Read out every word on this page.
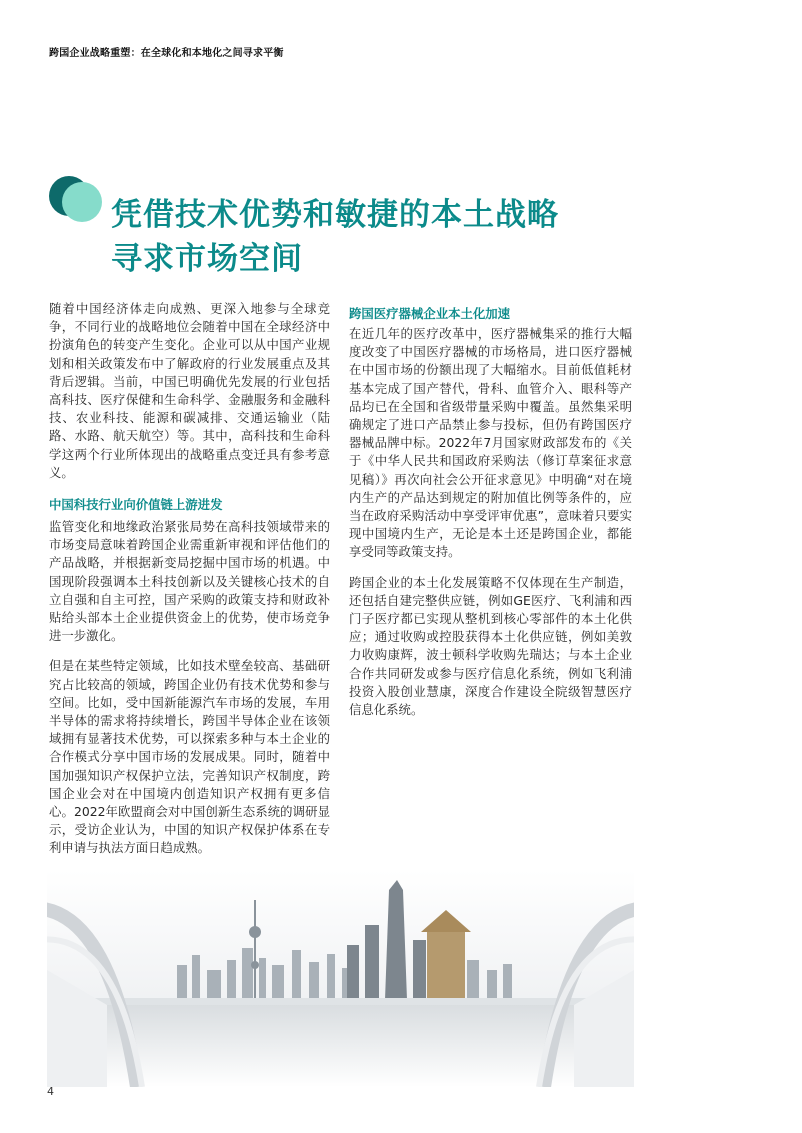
跨国企业战略重塑：在全球化和本地化之间寻求平衡
凭借技术优势和敏捷的本土战略
寻求市场空间

随着中国经济体走向成熟、更深入地参与全球竞争，不同行业的战略地位会随着中国在全球经济中扮演角色的转变产生变化。企业可以从中国产业规划和相关政策发布中了解政府的行业发展重点及其背后逻辑。当前，中国已明确优先发展的行业包括高科技、医疗保健和生命科学、金融服务和金融科技、农业科技、能源和碳减排、交通运输业（陆路、水路、航天航空）等。其中，高科技和生命科学这两个行业所体现出的战略重点变迁具有参考意义。

中国科技行业向价值链上游进发

监管变化和地缘政治紧张局势在高科技领域带来的市场变局意味着跨国企业需重新审视和评估他们的产品战略，并根据新变局挖掘中国市场的机遇。中国现阶段强调本土科技创新以及关键核心技术的自立自强和自主可控，国产采购的政策支持和财政补贴给头部本土企业提供资金上的优势，使市场竞争进一步激化。

但是在某些特定领域，比如技术壁垒较高、基础研究占比较高的领域，跨国企业仍有技术优势和参与空间。比如，受中国新能源汽车市场的发展，车用半导体的需求将持续增长，跨国半导体企业在该领域拥有显著技术优势，可以探索多种与本土企业的合作模式分享中国市场的发展成果。同时，随着中国加强知识产权保护立法，完善知识产权制度，跨国企业会对在中国境内创造知识产权拥有更多信心。2022年欧盟商会对中国创新生态系统的调研显示，受访企业认为，中国的知识产权保护体系在专利申请与执法方面日趋成熟。

跨国医疗器械企业本土化加速

在近几年的医疗改革中，医疗器械集采的推行大幅度改变了中国医疗器械的市场格局，进口医疗器械在中国市场的份额出现了大幅缩水。目前低值耗材基本完成了国产替代，骨科、血管介入、眼科等产品均已在全国和省级带量采购中覆盖。虽然集采明确规定了进口产品禁止参与投标，但仍有跨国医疗器械品牌中标。2022年7月国家财政部发布的《关于《中华人民共和国政府采购法（修订草案征求意见稿）》再次向社会公开征求意见》中明确“对在境内生产的产品达到规定的附加值比例等条件的，应当在政府采购活动中享受评审优惠”，意味着只要实现中国境内生产，无论是本土还是跨国企业，都能享受同等政策支持。

跨国企业的本土化发展策略不仅体现在生产制造，还包括自建完整供应链，例如GE医疗、飞利浦和西门子医疗都已实现从整机到核心零部件的本土化供应；通过收购或控股获得本土化供应链，例如美敦力收购康辉，波士顿科学收购先瑞达；与本土企业合作共同研发或参与医疗信息化系统，例如飞利浦投资入股创业慧康，深度合作建设全院级智慧医疗信息化系统。

4
